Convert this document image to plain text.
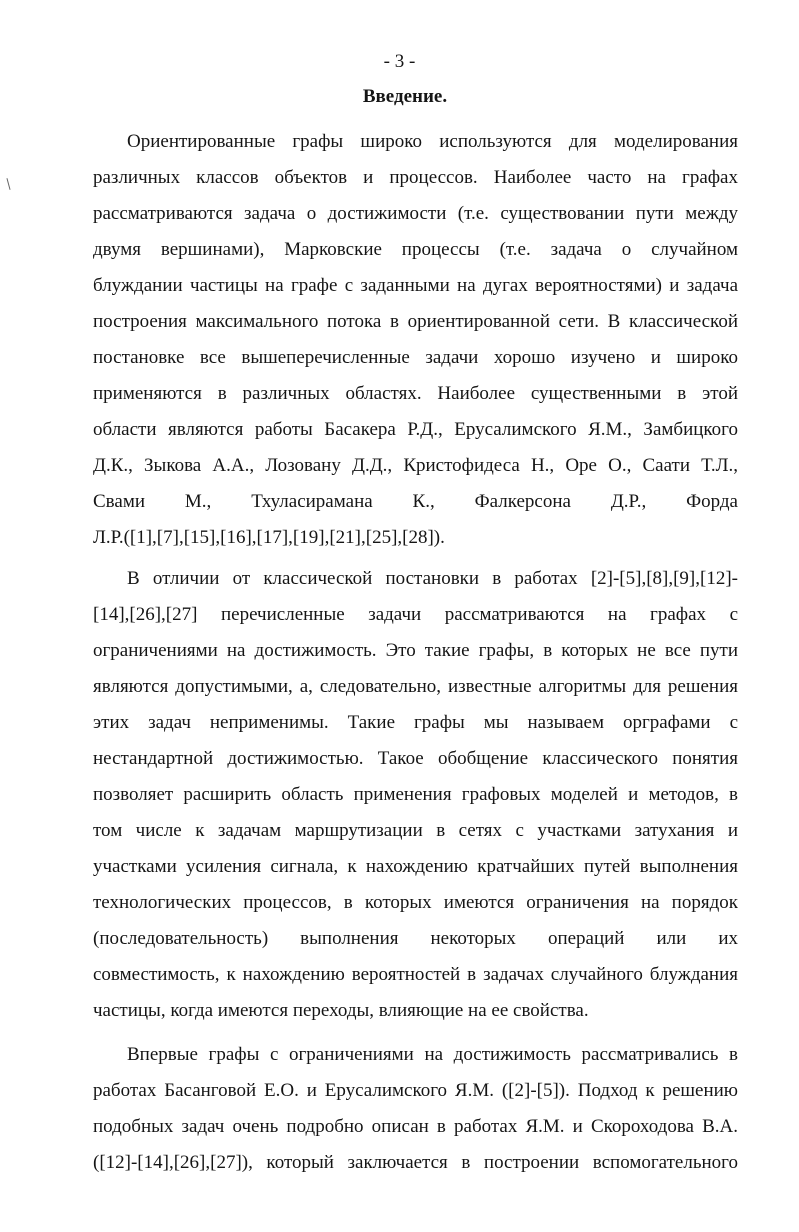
- 3 -
Введение.
Ориентированные графы широко используются для моделирования
различных классов объектов и процессов. Наиболее часто на графах
рассматриваются задача о достижимости (т.е. существовании пути между
двумя вершинами), Марковские процессы (т.е. задача о случайном
блуждании частицы на графе с заданными на дугах вероятностями) и задача
построения максимального потока в ориентированной сети. В классической
постановке все вышеперечисленные задачи хорошо изучено и широко
применяются в различных областях. Наиболее существенными в этой
области являются работы Басакера Р.Д., Ерусалимского Я.М., Замбицкого
Д.К., Зыкова А.А., Лозовану Д.Д., Кристофидеса Н., Оре О., Саати Т.Л.,
Свами М., Тхуласирамана К., Фалкерсона Д.Р., Форда
Л.Р.([1],[7],[15],[16],[17],[19],[21],[25],[28]).
В отличии от классической постановки в работах [2]-[5],[8],[9],[12]-
[14],[26],[27] перечисленные задачи рассматриваются на графах с
ограничениями на достижимость. Это такие графы, в которых не все пути
являются допустимыми, а, следовательно, известные алгоритмы для решения
этих задач неприменимы. Такие графы мы называем орграфами с
нестандартной достижимостью. Такое обобщение классического понятия
позволяет расширить область применения графовых моделей и методов, в
том числе к задачам маршрутизации в сетях с участками затухания и
участками усиления сигнала, к нахождению кратчайших путей выполнения
технологических процессов, в которых имеются ограничения на порядок
(последовательность) выполнения некоторых операций или их
совместимость, к нахождению вероятностей в задачах случайного блуждания
частицы, когда имеются переходы, влияющие на ее свойства.
Впервые графы с ограничениями на достижимость рассматривались в
работах Басанговой Е.О. и Ерусалимского Я.М. ([2]-[5]). Подход к решению
подобных задач очень подробно описан в работах Я.М. и Скороходова В.А.
([12]-[14],[26],[27]), который заключается в построении вспомогательного
